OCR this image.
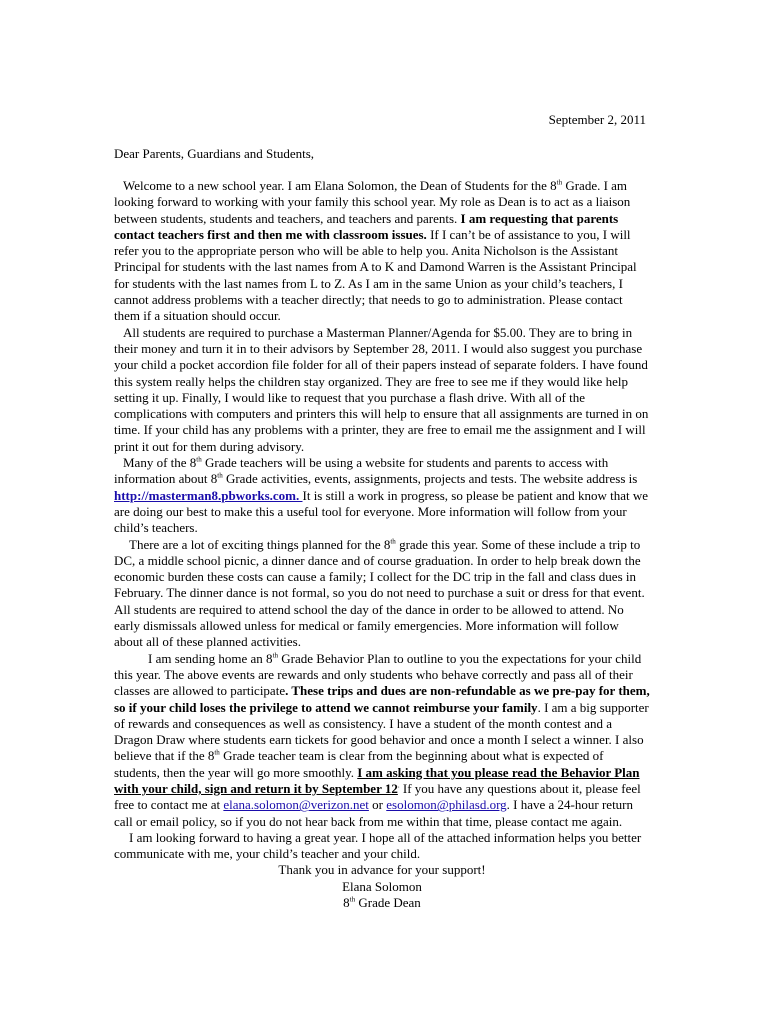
September 2, 2011
Dear Parents, Guardians and Students,

Welcome to a new school year. I am Elana Solomon, the Dean of Students for the 8th Grade. I am looking forward to working with your family this school year. My role as Dean is to act as a liaison between students, students and teachers, and teachers and parents. I am requesting that parents contact teachers first and then me with classroom issues. If I can’t be of assistance to you, I will refer you to the appropriate person who will be able to help you. Anita Nicholson is the Assistant Principal for students with the last names from A to K and Damond Warren is the Assistant Principal for students with the last names from L to Z. As I am in the same Union as your child’s teachers, I cannot address problems with a teacher directly; that needs to go to administration. Please contact them if a situation should occur.

All students are required to purchase a Masterman Planner/Agenda for $5.00. They are to bring in their money and turn it in to their advisors by September 28, 2011. I would also suggest you purchase your child a pocket accordion file folder for all of their papers instead of separate folders. I have found this system really helps the children stay organized. They are free to see me if they would like help setting it up. Finally, I would like to request that you purchase a flash drive. With all of the complications with computers and printers this will help to ensure that all assignments are turned in on time. If your child has any problems with a printer, they are free to email me the assignment and I will print it out for them during advisory.

Many of the 8th Grade teachers will be using a website for students and parents to access with information about 8th Grade activities, events, assignments, projects and tests. The website address is http://masterman8.pbworks.com. It is still a work in progress, so please be patient and know that we are doing our best to make this a useful tool for everyone. More information will follow from your child’s teachers.

There are a lot of exciting things planned for the 8th grade this year. Some of these include a trip to DC, a middle school picnic, a dinner dance and of course graduation. In order to help break down the economic burden these costs can cause a family; I collect for the DC trip in the fall and class dues in February. The dinner dance is not formal, so you do not need to purchase a suit or dress for that event. All students are required to attend school the day of the dance in order to be allowed to attend. No early dismissals allowed unless for medical or family emergencies. More information will follow about all of these planned activities.

I am sending home an 8th Grade Behavior Plan to outline to you the expectations for your child this year. The above events are rewards and only students who behave correctly and pass all of their classes are allowed to participate. These trips and dues are non-refundable as we pre-pay for them, so if your child loses the privilege to attend we cannot reimburse your family. I am a big supporter of rewards and consequences as well as consistency. I have a student of the month contest and a Dragon Draw where students earn tickets for good behavior and once a month I select a winner. I also believe that if the 8th Grade teacher team is clear from the beginning about what is expected of students, then the year will go more smoothly. I am asking that you please read the Behavior Plan with your child, sign and return it by September 12. If you have any questions about it, please feel free to contact me at elana.solomon@verizon.net or esolomon@philasd.org. I have a 24-hour return call or email policy, so if you do not hear back from me within that time, please contact me again.

I am looking forward to having a great year. I hope all of the attached information helps you better communicate with me, your child’s teacher and your child.

Thank you in advance for your support!

Elana Solomon

8th Grade Dean
